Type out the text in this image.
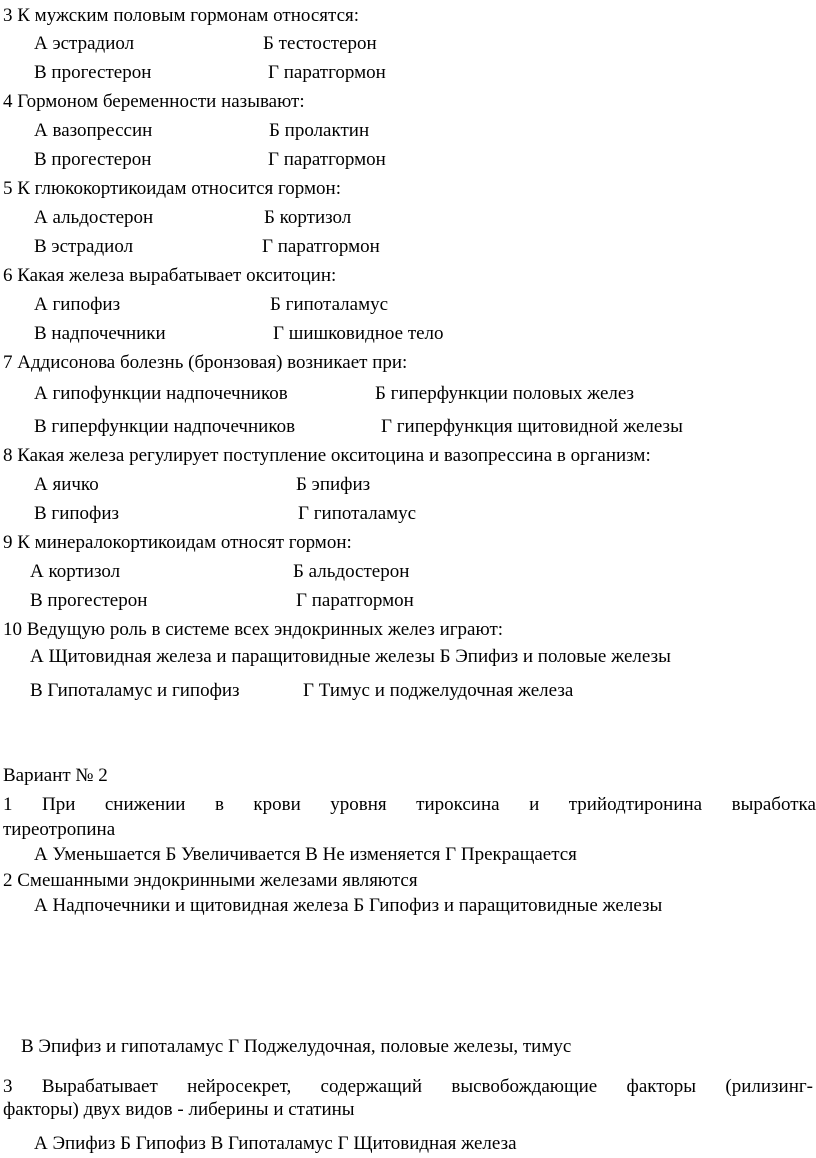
3 К мужским половым гормонам относятся:
А эстрадиол	Б тестостерон
В прогестерон	Г паратгормон
4 Гормоном беременности называют:
А вазопрессин	Б пролактин
В прогестерон	Г паратгормон
5 К глюкокортикоидам относится гормон:
А альдостерон	Б кортизол
В эстрадиол	Г паратгормон
6 Какая железа вырабатывает окситоцин:
А гипофиз	Б гипоталамус
В надпочечники	Г шишковидное тело
7 Аддисонова болезнь (бронзовая) возникает при:
А гипофункции надпочечников	Б гиперфункции половых желез
В гиперфункции надпочечников	Г гиперфункция щитовидной железы
8 Какая железа регулирует поступление окситоцина и вазопрессина в организм:
А яичко	Б эпифиз
В гипофиз	Г гипоталамус
9 К минералокортикоидам относят гормон:
А кортизол	Б альдостерон
В прогестерон	Г паратгормон
10 Ведущую роль в системе всех эндокринных желез играют:
А Щитовидная железа и паращитовидные железы Б Эпифиз и половые железы
В Гипоталамус и гипофиз	Г Тимус и поджелудочная железа
Вариант № 2
1 При снижении в крови уровня тироксина и трийодтиронина выработка
тиреотропина
А Уменьшается Б Увеличивается В Не изменяется Г Прекращается
2 Смешанными эндокринными железами являются
А Надпочечники и щитовидная железа Б Гипофиз и паращитовидные железы
В Эпифиз и гипоталамус Г Поджелудочная, половые железы, тимус
3 Вырабатывает нейросекрет, содержащий высвобождающие факторы (рилизинг-
факторы) двух видов - либерины и статины
А Эпифиз Б Гипофиз В Гипоталамус Г Щитовидная железа
